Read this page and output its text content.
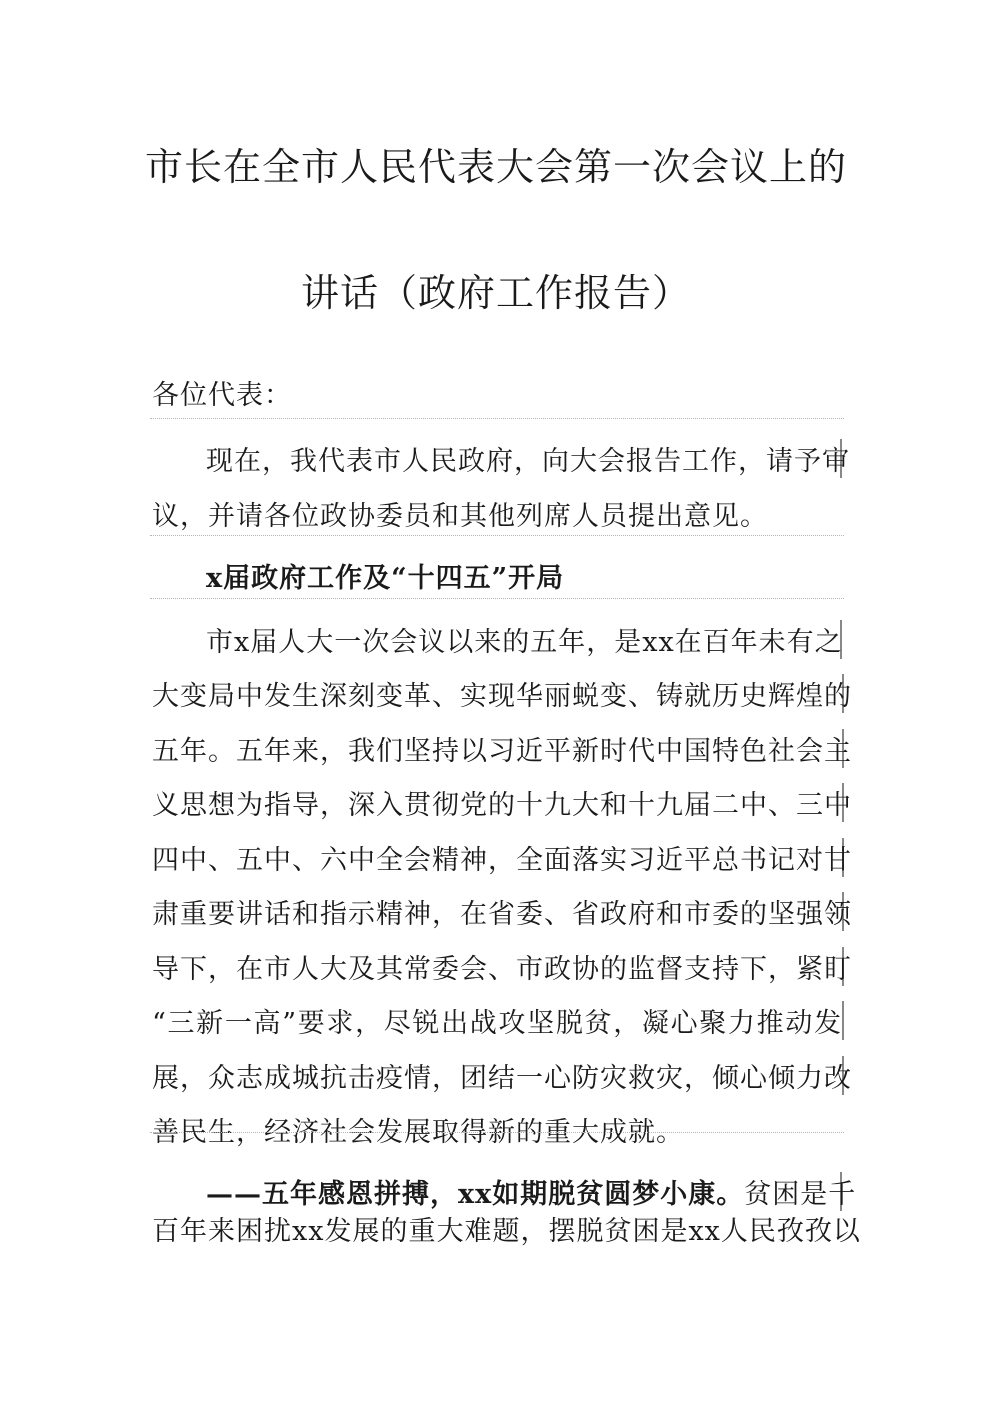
市长在全市人民代表大会第一次会议上的
讲话（政府工作报告）
各位代表：
现在，我代表市人民政府，向大会报告工作，请予审
议，并请各位政协委员和其他列席人员提出意见。
x届政府工作及“十四五”开局
市x届人大一次会议以来的五年，是xx在百年未有之
大变局中发生深刻变革、实现华丽蜕变、铸就历史辉煌的
五年。五年来，我们坚持以习近平新时代中国特色社会主
义思想为指导，深入贯彻党的十九大和十九届二中、三中
四中、五中、六中全会精神，全面落实习近平总书记对甘
肃重要讲话和指示精神，在省委、省政府和市委的坚强领
导下，在市人大及其常委会、市政协的监督支持下，紧盯
“三新一高”要求，尽锐出战攻坚脱贫，凝心聚力推动发
展，众志成城抗击疫情，团结一心防灾救灾，倾心倾力改
善民生，经济社会发展取得新的重大成就。
——五年感恩拼搏，xx如期脱贫圆梦小康。贫困是千
百年来困扰xx发展的重大难题，摆脱贫困是xx人民孜孜以
